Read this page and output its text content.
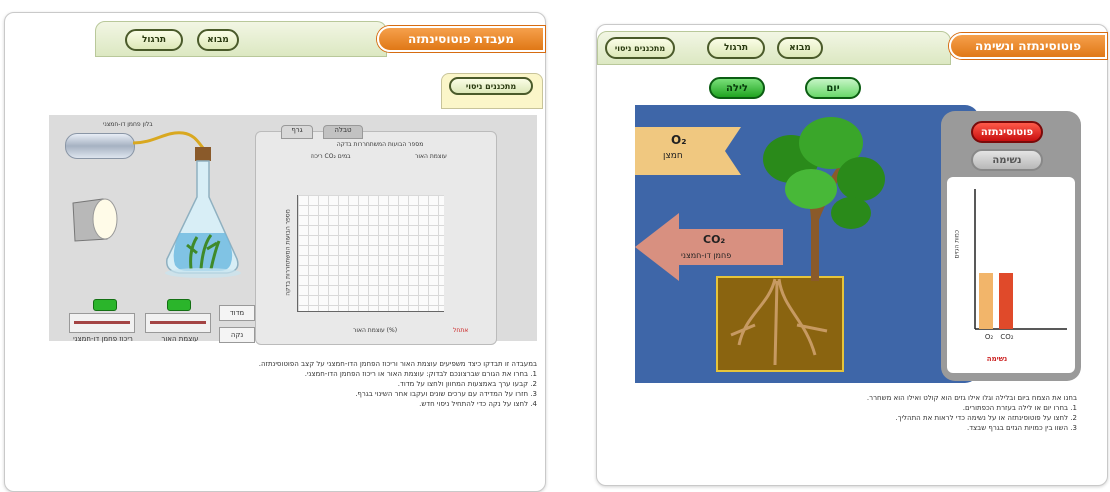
מבוא
תרגול	מעבדת פוטוסינתזה
מתכננים ניסוי
בלון פחמן דו-חמצני
עוצמת האור
ריכוז פחמן דו-חמצני
מדוד
נקה
גרף	טבלה
מספר הבועות המשתחררות בדקה
עוצמת האור
ריכוז CO₂ במים
מספר הבועות המשתחררות בדקה
עוצמת האור (%)	אתחל
במעבדה זו תבדקו כיצד משפיעים עוצמת האור וריכוז הפחמן הדו-חמצני על קצב הפוטוסינתזה.
1. בחרו את הגורם שברצונכם לבדוק: עוצמת האור או ריכוז הפחמן הדו-חמצני.
2. קבעו ערך באמצעות המחוון ולחצו על מדוד.
3. חזרו על המדידה עם ערכים שונים ועקבו אחר השינוי בגרף.
4. לחצו על נקה כדי להתחיל ניסוי חדש.
מתכננים ניסוי	תרגול	מבוא	פוטוסינתזה ונשימה
לילה	יום
O₂
חמצן
CO₂
פחמן דו-חמצני
פוטוסינתזה
נשימה
כמות הגזים
O₂	CO₂
נשימה
בחנו את הצמח ביום ובלילה וגלו אילו גזים הוא קולט ואילו הוא משחרר.
1. בחרו יום או לילה בעזרת הכפתורים.
2. לחצו על פוטוסינתזה או על נשימה כדי לראות את התהליך.
3. השוו בין כמויות הגזים בגרף שבצד.
